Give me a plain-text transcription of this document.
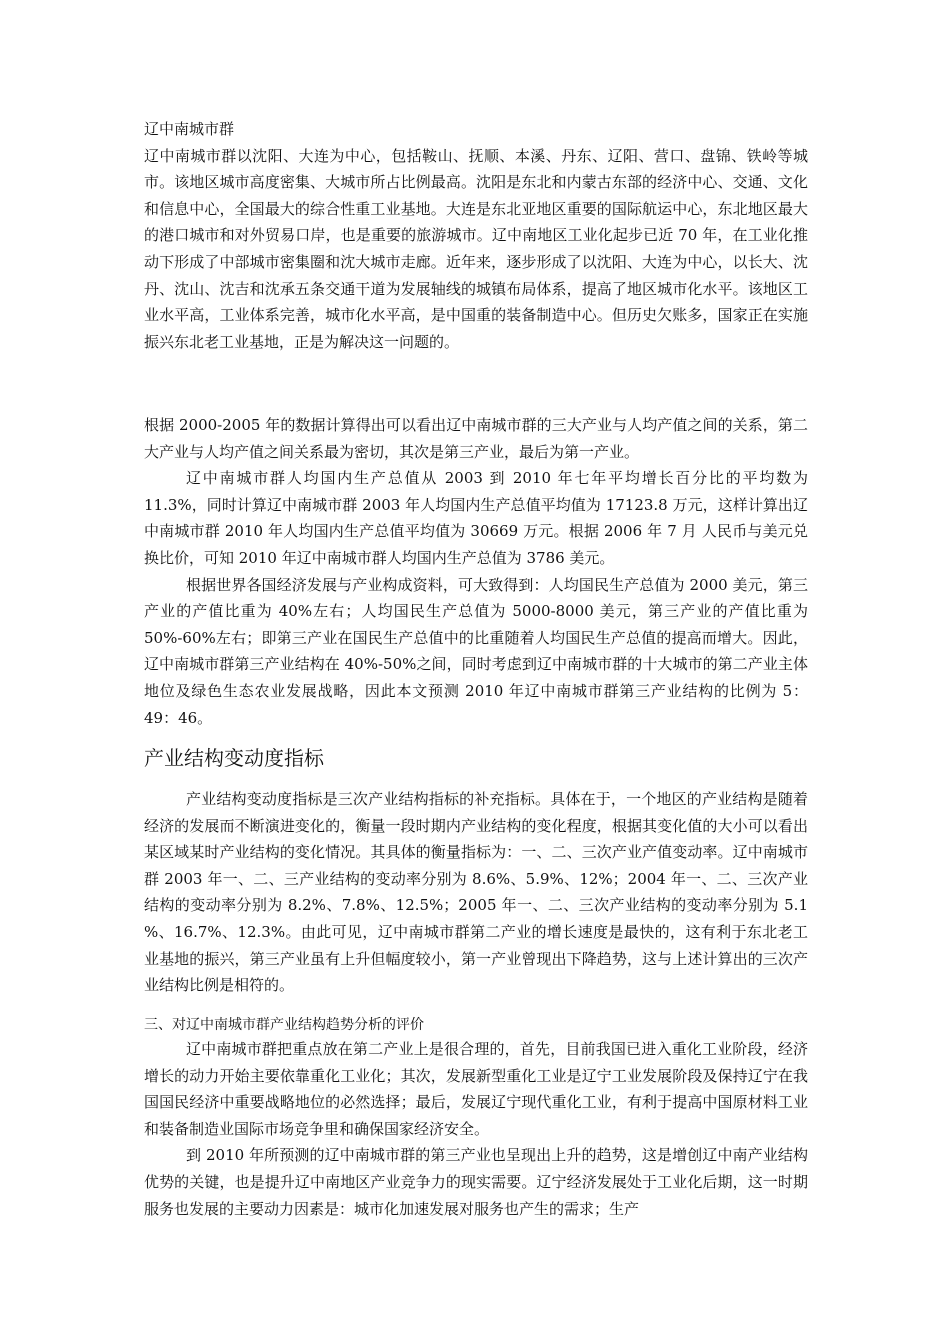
辽中南城市群

辽中南城市群以沈阳、大连为中心，包括鞍山、抚顺、本溪、丹东、辽阳、营口、盘锦、铁岭等城市。该地区城市高度密集、大城市所占比例最高。沈阳是东北和内蒙古东部的经济中心、交通、文化和信息中心，全国最大的综合性重工业基地。大连是东北亚地区重要的国际航运中心，东北地区最大的港口城市和对外贸易口岸，也是重要的旅游城市。辽中南地区工业化起步已近 70 年，在工业化推动下形成了中部城市密集圈和沈大城市走廊。近年来，逐步形成了以沈阳、大连为中心，以长大、沈丹、沈山、沈吉和沈承五条交通干道为发展轴线的城镇布局体系，提高了地区城市化水平。该地区工业水平高，工业体系完善，城市化水平高，是中国重的装备制造中心。但历史欠账多，国家正在实施振兴东北老工业基地，正是为解决这一问题的。

根据 2000-2005 年的数据计算得出可以看出辽中南城市群的三大产业与人均产值之间的关系，第二大产业与人均产值之间关系最为密切，其次是第三产业，最后为第一产业。

辽中南城市群人均国内生产总值从 2003 到 2010 年七年平均增长百分比的平均数为 11.3%，同时计算辽中南城市群 2003 年人均国内生产总值平均值为 17123.8 万元，这样计算出辽中南城市群 2010 年人均国内生产总值平均值为 30669 万元。根据 2006 年 7 月 人民币与美元兑换比价，可知 2010 年辽中南城市群人均国内生产总值为 3786 美元。

根据世界各国经济发展与产业构成资料，可大致得到：人均国民生产总值为 2000 美元，第三产业的产值比重为 40%左右；人均国民生产总值为 5000-8000 美元，第三产业的产值比重为 50%-60%左右；即第三产业在国民生产总值中的比重随着人均国民生产总值的提高而增大。因此，辽中南城市群第三产业结构在 40%-50%之间，同时考虑到辽中南城市群的十大城市的第二产业主体地位及绿色生态农业发展战略，因此本文预测 2010 年辽中南城市群第三产业结构的比例为 5：49：46。

产业结构变动度指标

产业结构变动度指标是三次产业结构指标的补充指标。具体在于，一个地区的产业结构是随着经济的发展而不断演进变化的，衡量一段时期内产业结构的变化程度，根据其变化值的大小可以看出某区域某时产业结构的变化情况。其具体的衡量指标为：一、二、三次产业产值变动率。辽中南城市群 2003 年一、二、三产业结构的变动率分别为 8.6%、5.9%、12%；2004 年一、二、三次产业结构的变动率分别为 8.2%、7.8%、12.5%；2005 年一、二、三次产业结构的变动率分别为 5.1 %、16.7%、12.3%。由此可见，辽中南城市群第二产业的增长速度是最快的，这有利于东北老工业基地的振兴，第三产业虽有上升但幅度较小，第一产业曾现出下降趋势，这与上述计算出的三次产业结构比例是相符的。

三、对辽中南城市群产业结构趋势分析的评价

辽中南城市群把重点放在第二产业上是很合理的，首先，目前我国已进入重化工业阶段，经济增长的动力开始主要依靠重化工业化；其次，发展新型重化工业是辽宁工业发展阶段及保持辽宁在我国国民经济中重要战略地位的必然选择；最后，发展辽宁现代重化工业，有利于提高中国原材料工业和装备制造业国际市场竞争里和确保国家经济安全。

到 2010 年所预测的辽中南城市群的第三产业也呈现出上升的趋势，这是增创辽中南产业结构优势的关键，也是提升辽中南地区产业竞争力的现实需要。辽宁经济发展处于工业化后期，这一时期服务也发展的主要动力因素是：城市化加速发展对服务也产生的需求；生产
